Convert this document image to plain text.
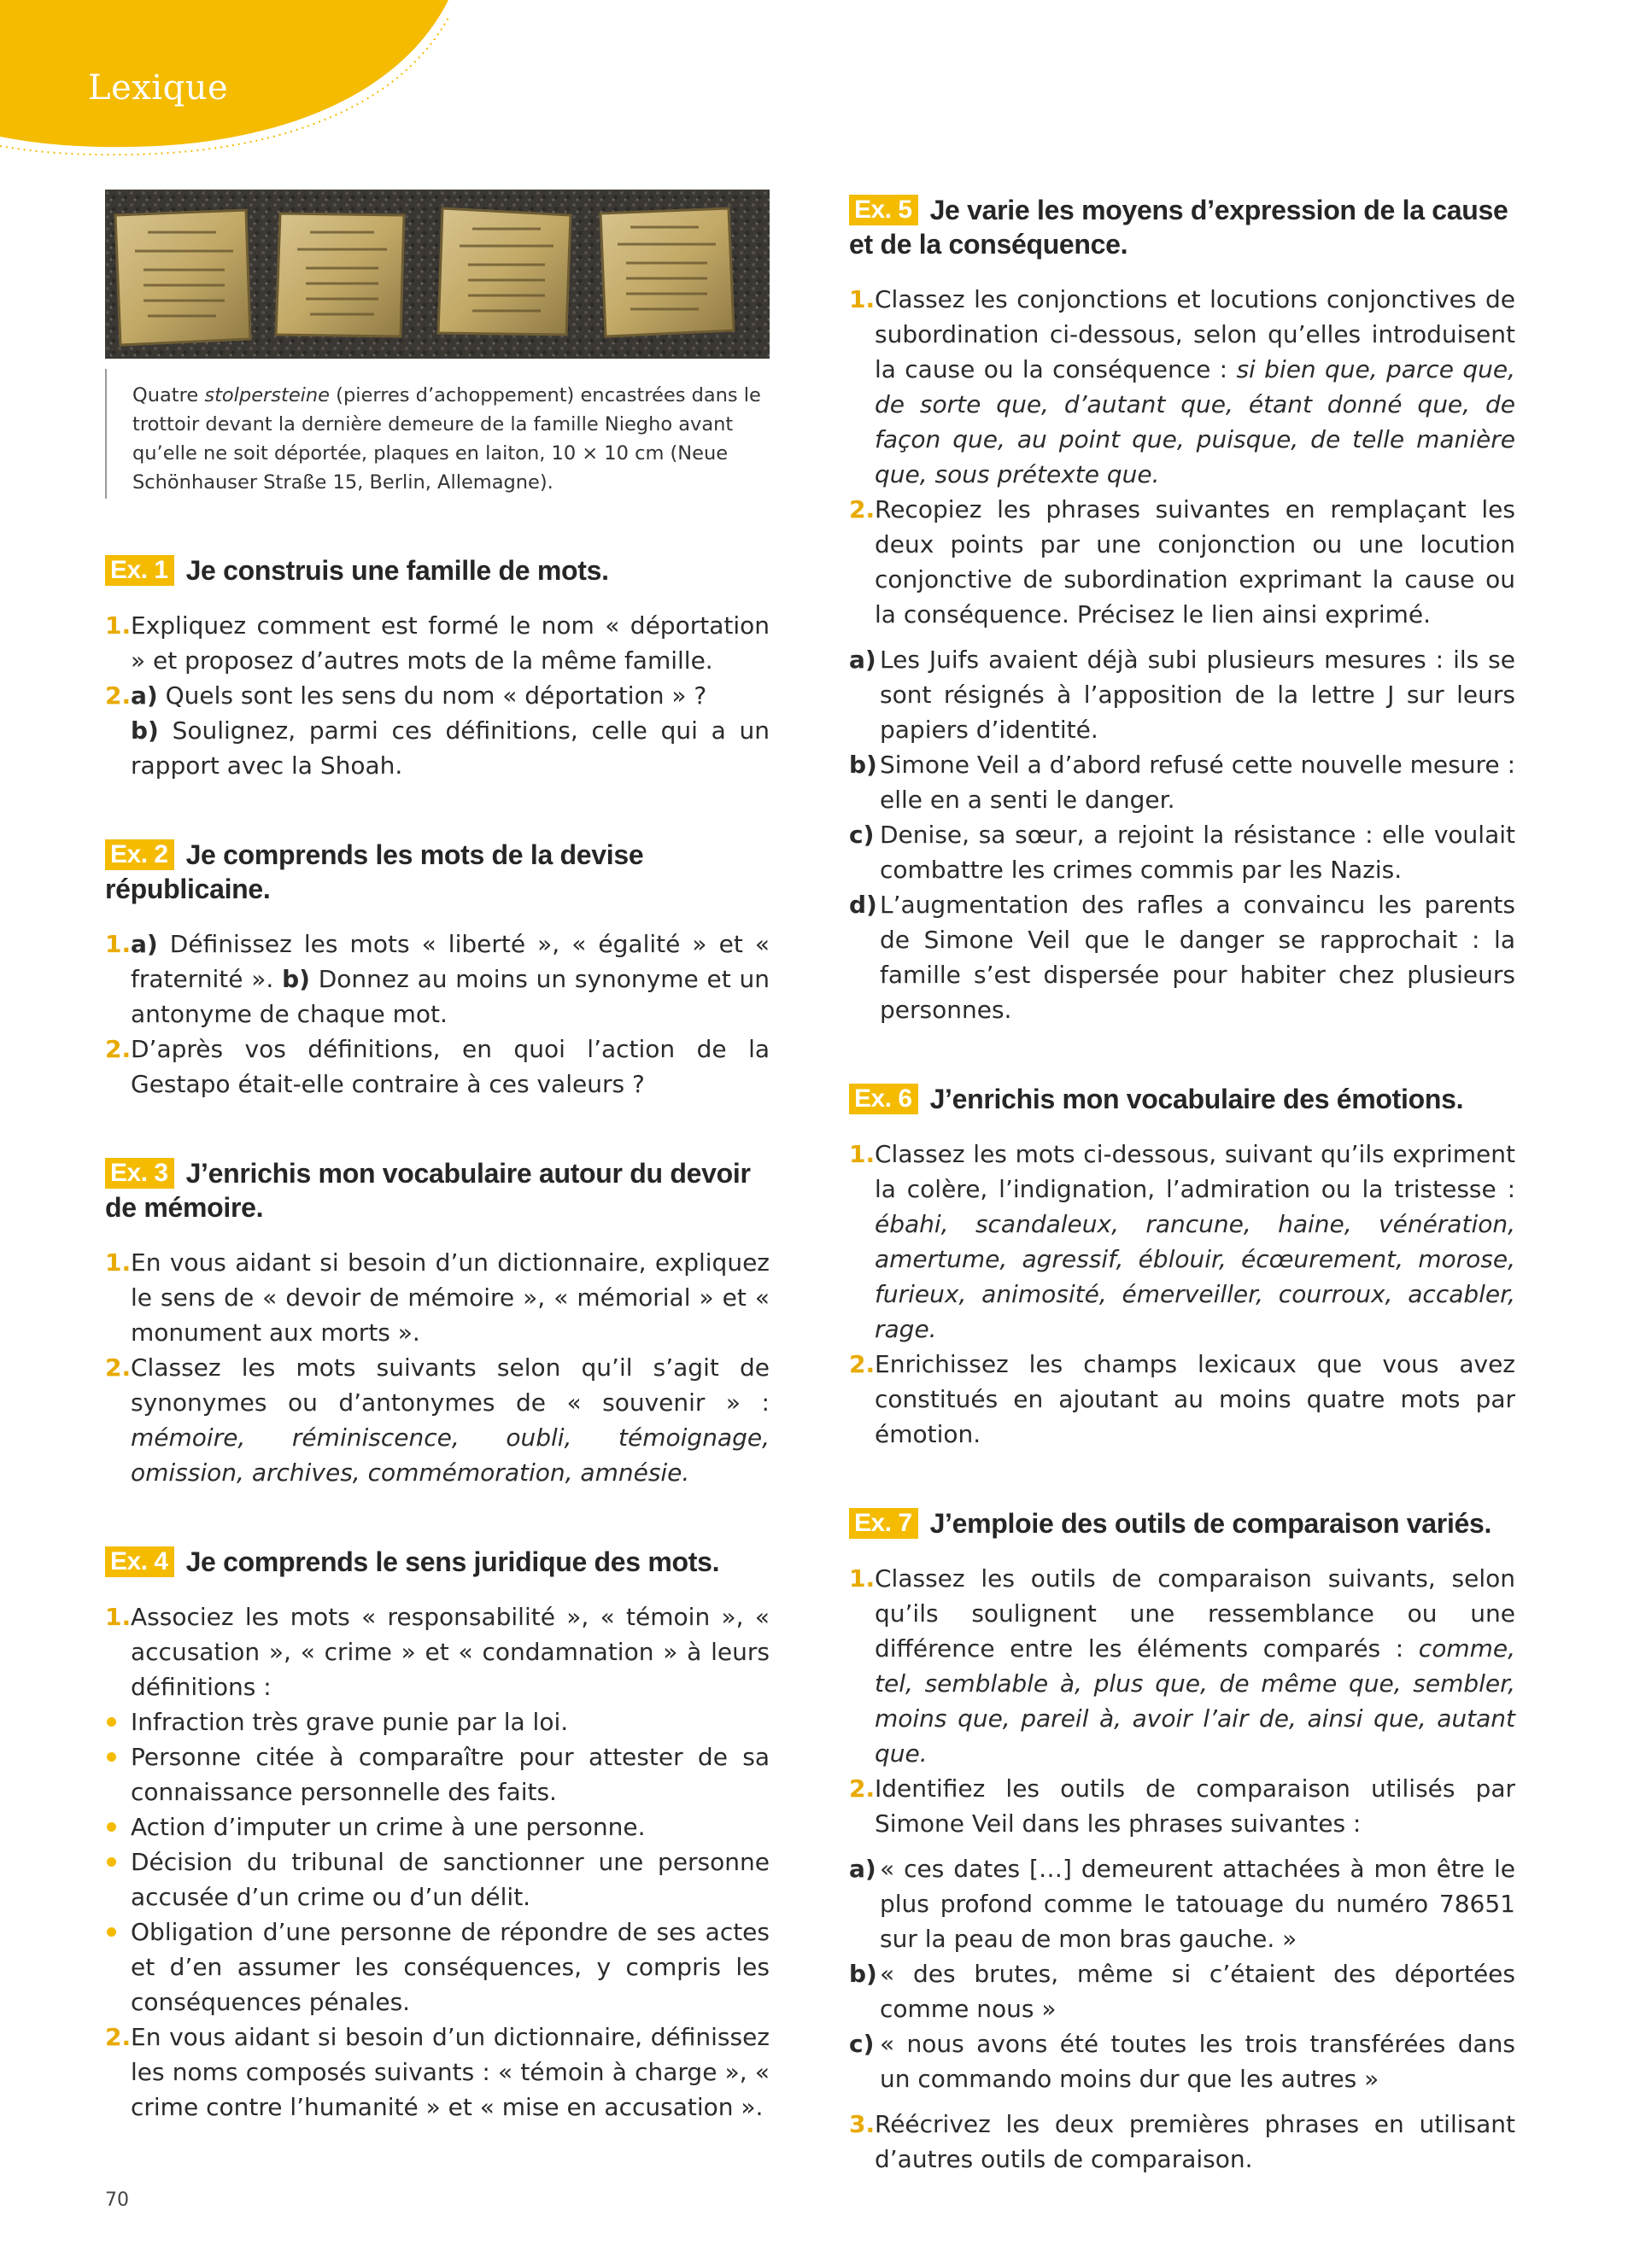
Lexique
Quatre stolpersteine (pierres d’achoppement) encastrées dans le trottoir devant la dernière demeure de la famille Niegho avant qu’elle ne soit déportée, plaques en laiton, 10 × 10 cm (Neue Schönhauser Straße 15, Berlin, Allemagne).
Ex. 1 Je construis une famille de mots.
1. Expliquez comment est formé le nom « déportation » et proposez d’autres mots de la même famille.
2. a) Quels sont les sens du nom « déportation » ?
b) Soulignez, parmi ces définitions, celle qui a un rapport avec la Shoah.
Ex. 2 Je comprends les mots de la devise républicaine.
1. a) Définissez les mots « liberté », « égalité » et « fraternité ». b) Donnez au moins un synonyme et un antonyme de chaque mot.
2. D’après vos définitions, en quoi l’action de la Gestapo était-elle contraire à ces valeurs ?
Ex. 3 J’enrichis mon vocabulaire autour du devoir de mémoire.
1. En vous aidant si besoin d’un dictionnaire, expliquez le sens de « devoir de mémoire », « mémorial » et « monument aux morts ».
2. Classez les mots suivants selon qu’il s’agit de synonymes ou d’antonymes de « souvenir » : mémoire, réminiscence, oubli, témoignage, omission, archives, commémoration, amnésie.
Ex. 4 Je comprends le sens juridique des mots.
1. Associez les mots « responsabilité », « témoin », « accusation », « crime » et « condamnation » à leurs définitions :
Infraction très grave punie par la loi.
Personne citée à comparaître pour attester de sa connaissance personnelle des faits.
Action d’imputer un crime à une personne.
Décision du tribunal de sanctionner une personne accusée d’un crime ou d’un délit.
Obligation d’une personne de répondre de ses actes et d’en assumer les conséquences, y compris les conséquences pénales.
2. En vous aidant si besoin d’un dictionnaire, définissez les noms composés suivants : « témoin à charge », « crime contre l’humanité » et « mise en accusation ».
Ex. 5 Je varie les moyens d’expression de la cause et de la conséquence.
1. Classez les conjonctions et locutions conjonctives de subordination ci-dessous, selon qu’elles introduisent la cause ou la conséquence : si bien que, parce que, de sorte que, d’autant que, étant donné que, de façon que, au point que, puisque, de telle manière que, sous prétexte que.
2. Recopiez les phrases suivantes en remplaçant les deux points par une conjonction ou une locution conjonctive de subordination exprimant la cause ou la conséquence. Précisez le lien ainsi exprimé.
a) Les Juifs avaient déjà subi plusieurs mesures : ils se sont résignés à l’apposition de la lettre J sur leurs papiers d’identité.
b) Simone Veil a d’abord refusé cette nouvelle mesure : elle en a senti le danger.
c) Denise, sa sœur, a rejoint la résistance : elle voulait combattre les crimes commis par les Nazis.
d) L’augmentation des rafles a convaincu les parents de Simone Veil que le danger se rapprochait : la famille s’est dispersée pour habiter chez plusieurs personnes.
Ex. 6 J’enrichis mon vocabulaire des émotions.
1. Classez les mots ci-dessous, suivant qu’ils expriment la colère, l’indignation, l’admiration ou la tristesse : ébahi, scandaleux, rancune, haine, vénération, amertume, agressif, éblouir, écœurement, morose, furieux, animosité, émerveiller, courroux, accabler, rage.
2. Enrichissez les champs lexicaux que vous avez constitués en ajoutant au moins quatre mots par émotion.
Ex. 7 J’emploie des outils de comparaison variés.
1. Classez les outils de comparaison suivants, selon qu’ils soulignent une ressemblance ou une différence entre les éléments comparés : comme, tel, semblable à, plus que, de même que, sembler, moins que, pareil à, avoir l’air de, ainsi que, autant que.
2. Identifiez les outils de comparaison utilisés par Simone Veil dans les phrases suivantes :
a) « ces dates […] demeurent attachées à mon être le plus profond comme le tatouage du numéro 78651 sur la peau de mon bras gauche. »
b) « des brutes, même si c’étaient des déportées comme nous »
c) « nous avons été toutes les trois transférées dans un commando moins dur que les autres »
3. Réécrivez les deux premières phrases en utilisant d’autres outils de comparaison.
70
